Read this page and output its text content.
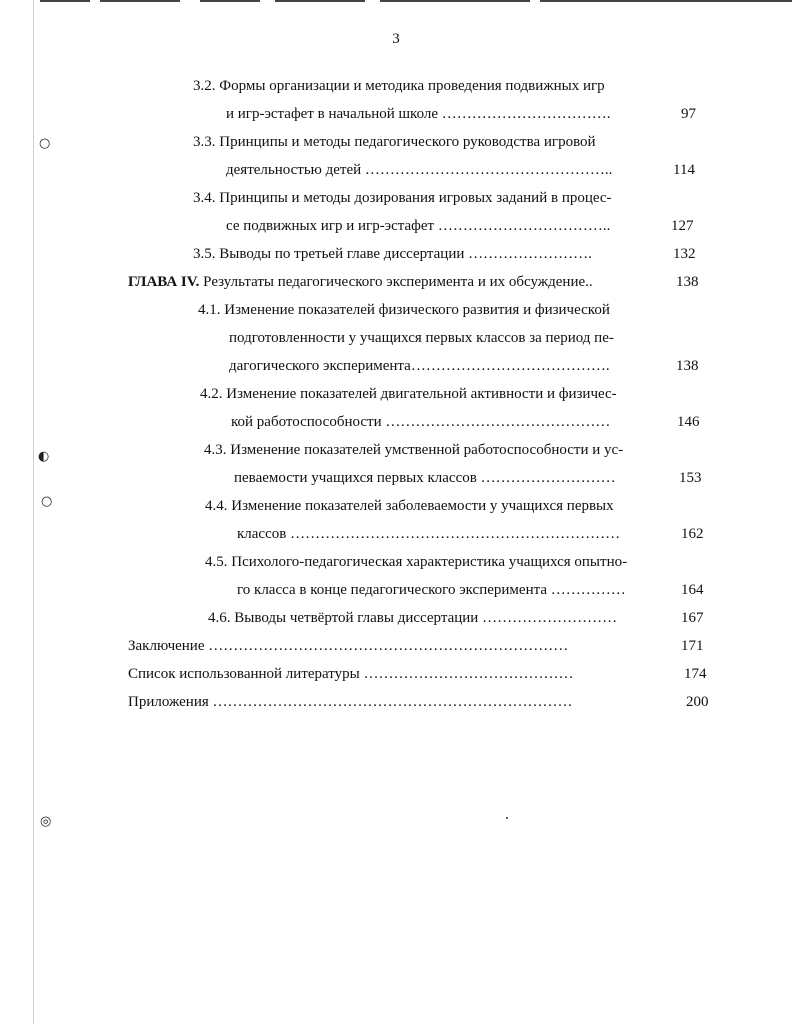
○
◐
○
◎
3
3.2. Формы организации и методика проведения подвижных игр
и игр-эстафет в начальной школе …………………………….	97
3.3. Принципы и методы педагогического руководства игровой
деятельностью детей …………………………………………..	114
3.4. Принципы и методы дозирования игровых заданий в процес-
се подвижных игр и игр-эстафет ……………………………..	127
3.5. Выводы по третьей главе диссертации …………………….	132
ГЛАВА IV. Результаты педагогического эксперимента и их обсуждение..	138
4.1. Изменение показателей физического развития и физической
подготовленности у учащихся первых классов за период пе-
дагогического эксперимента………………………………….	138
4.2. Изменение показателей двигательной активности и физичес-
кой работоспособности ………………………………………	146
4.3. Изменение показателей умственной работоспособности и ус-
певаемости учащихся первых классов ………………………	153
4.4. Изменение показателей заболеваемости у учащихся первых
классов …………………………………………………………	162
4.5. Психолого-педагогическая характеристика учащихся опытно-
го класса в конце педагогического эксперимента ……………	164
4.6. Выводы четвёртой главы диссертации ………………………	167
Заключение ………………………………………………………………	171
Список использованной литературы ……………………………………	174
Приложения ………………………………………………………………	200
